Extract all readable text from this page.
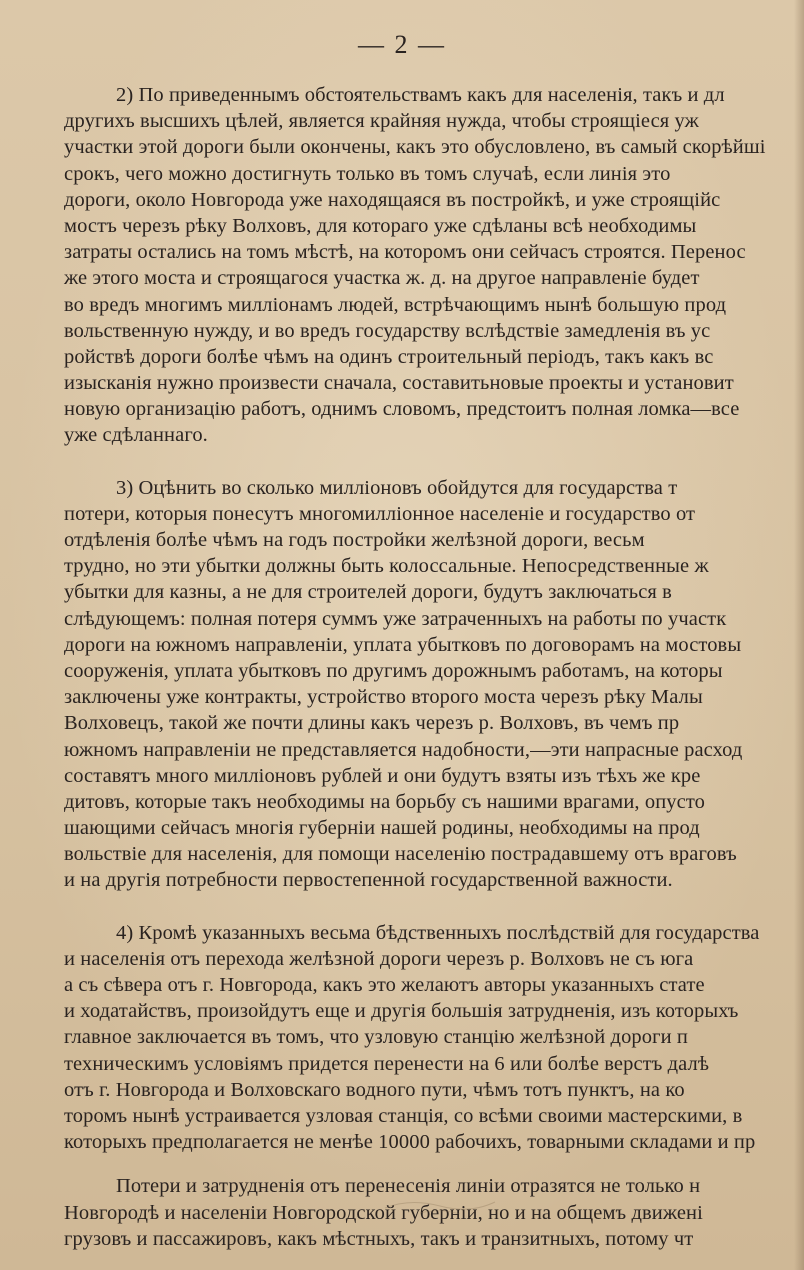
— 2 —
2) По приведеннымъ обстоятельствамъ какъ для населенія, такъ и дл
другихъ высшихъ цѣлей, является крайняя нужда, чтобы строящіеся уж
участки этой дороги были окончены, какъ это обусловлено, въ самый скорѣйші
срокъ, чего можно достигнуть только въ томъ случаѣ, если линія это
дороги, около Новгорода уже находящаяся въ постройкѣ, и уже строящійс
мостъ черезъ рѣку Волховъ, для котораго уже сдѣланы всѣ необходимы
затраты остались на томъ мѣстѣ, на которомъ они сейчасъ строятся. Перенос
же этого моста и строящагося участка ж. д. на другое направленіе будет
во вредъ многимъ милліонамъ людей, встрѣчающимъ нынѣ большую прод
вольственную нужду, и во вредъ государству вслѣдствіе замедленія въ ус
ройствѣ дороги болѣе чѣмъ на одинъ строительный періодъ, такъ какъ вс
изысканія нужно произвести сначала, составитьновые проекты и установит
новую организацію работъ, однимъ словомъ, предстоитъ полная ломка—все
уже сдѣланнаго.
3) Оцѣнить во сколько милліоновъ обойдутся для государства т
потери, которыя понесутъ многомилліонное населеніе и государство от
отдѣленія болѣе чѣмъ на годъ постройки желѣзной дороги, весьм
трудно, но эти убытки должны быть колоссальные. Непосредственные ж
убытки для казны, а не для строителей дороги, будутъ заключаться в
слѣдующемъ: полная потеря суммъ уже затраченныхъ на работы по участк
дороги на южномъ направленіи, уплата убытковъ по договорамъ на мостовы
сооруженія, уплата убытковъ по другимъ дорожнымъ работамъ, на которы
заключены уже контракты, устройство второго моста черезъ рѣку Малы
Волховецъ, такой же почти длины какъ черезъ р. Волховъ, въ чемъ пр
южномъ направленіи не представляется надобности,—эти напрасные расход
составятъ много милліоновъ рублей и они будутъ взяты изъ тѣхъ же кре
дитовъ, которые такъ необходимы на борьбу съ нашими врагами, опусто
шающими сейчасъ многія губерніи нашей родины, необходимы на прод
вольствіе для населенія, для помощи населенію пострадавшему отъ враговъ
и на другія потребности первостепенной государственной важности.
4) Кромѣ указанныхъ весьма бѣдственныхъ послѣдствій для государства
и населенія отъ перехода желѣзной дороги черезъ р. Волховъ не съ юга
а съ сѣвера отъ г. Новгорода, какъ это желаютъ авторы указанныхъ стате
и ходатайствъ, произойдутъ еще и другія большія затрудненія, изъ которыхъ
главное заключается въ томъ, что узловую станцію желѣзной дороги п
техническимъ условіямъ придется перенести на 6 или болѣе верстъ далѣ
отъ г. Новгорода и Волховскаго водного пути, чѣмъ тотъ пунктъ, на ко
торомъ нынѣ устраивается узловая станція, со всѣми своими мастерскими, в
которыхъ предполагается не менѣе 10000 рабочихъ, товарными складами и пр
Потери и затрудненія отъ перенесенія линіи отразятся не только н
Новгородѣ и населеніи Новгородской губерніи, но и на общемъ движені
грузовъ и пассажировъ, какъ мѣстныхъ, такъ и транзитныхъ, потому чт
